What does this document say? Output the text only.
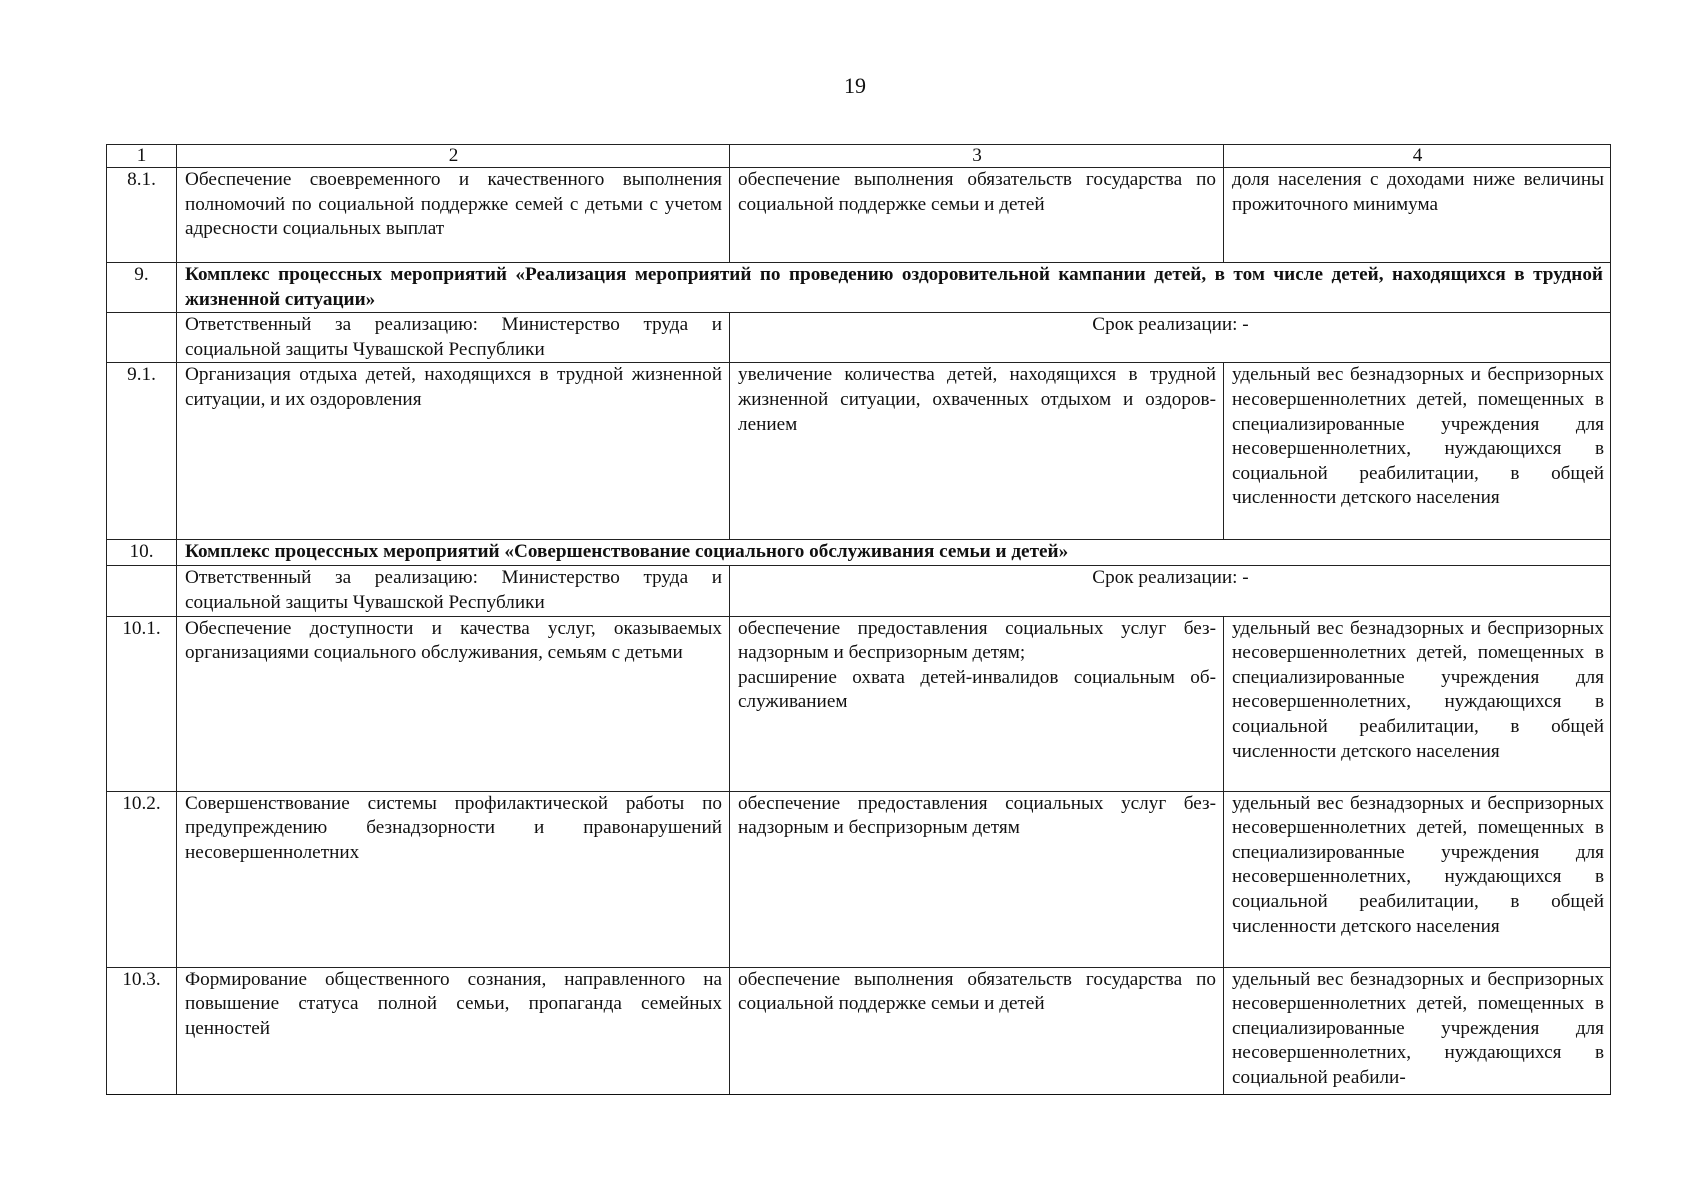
19
1	2	3	4
8.1.	Обеспечение своевременного и качественного выполнения полномочий по социальной поддержке семей с детьми с учетом адресности социальных выплат	обеспечение выполнения обязательств государства по социальной поддержке семьи и детей	доля населения с доходами ниже величины прожиточного минимума
9.	Комплекс процессных мероприятий «Реализация мероприятий по проведению оздоровительной кампании детей, в том числе детей, находящихся в трудной жизненной ситуации»		
	Ответственный за реализацию: Министерство труда и социальной защиты Чувашской Республики	Срок реализации: -	
9.1.	Организация отдыха детей, находящихся в трудной жизненной ситуации, и их оздоровления	увеличение количества детей, находящихся в трудной жизненной ситуации, охваченных отдыхом и оздоровлением	удельный вес безнадзорных и беспризорных несовершеннолетних детей, помещенных в специализированные учреждения для несовершеннолетних, нуждающихся в социальной реабилитации, в общей численности детского населения
10.	Комплекс процессных мероприятий «Совершенствование социального обслуживания семьи и детей»		
	Ответственный за реализацию: Министерство труда и социальной защиты Чувашской Республики	Срок реализации: -	
10.1.	Обеспечение доступности и качества услуг, оказываемых организациями социального обслуживания, семьям с детьми	обеспечение предоставления социальных услуг безнадзорным и беспризорным детям;
расширение охвата детей-инвалидов социальным обслуживанием	удельный вес безнадзорных и беспризорных несовершеннолетних детей, помещенных в специализированные учреждения для несовершеннолетних, нуждающихся в социальной реабилитации, в общей численности детского населения
10.2.	Совершенствование системы профилактической работы по предупреждению безнадзорности и правонарушений несовершеннолетних	обеспечение предоставления социальных услуг безнадзорным и беспризорным детям	удельный вес безнадзорных и беспризорных несовершеннолетних детей, помещенных в специализированные учреждения для несовершеннолетних, нуждающихся в социальной реабилитации, в общей численности детского населения
10.3.	Формирование общественного сознания, направленного на повышение статуса полной семьи, пропаганда семейных ценностей	обеспечение выполнения обязательств государства по социальной поддержке семьи и детей	удельный вес безнадзорных и беспризорных несовершеннолетних детей, помещенных в специализированные учреждения для несовершеннолетних, нуждающихся в социальной реабили-
